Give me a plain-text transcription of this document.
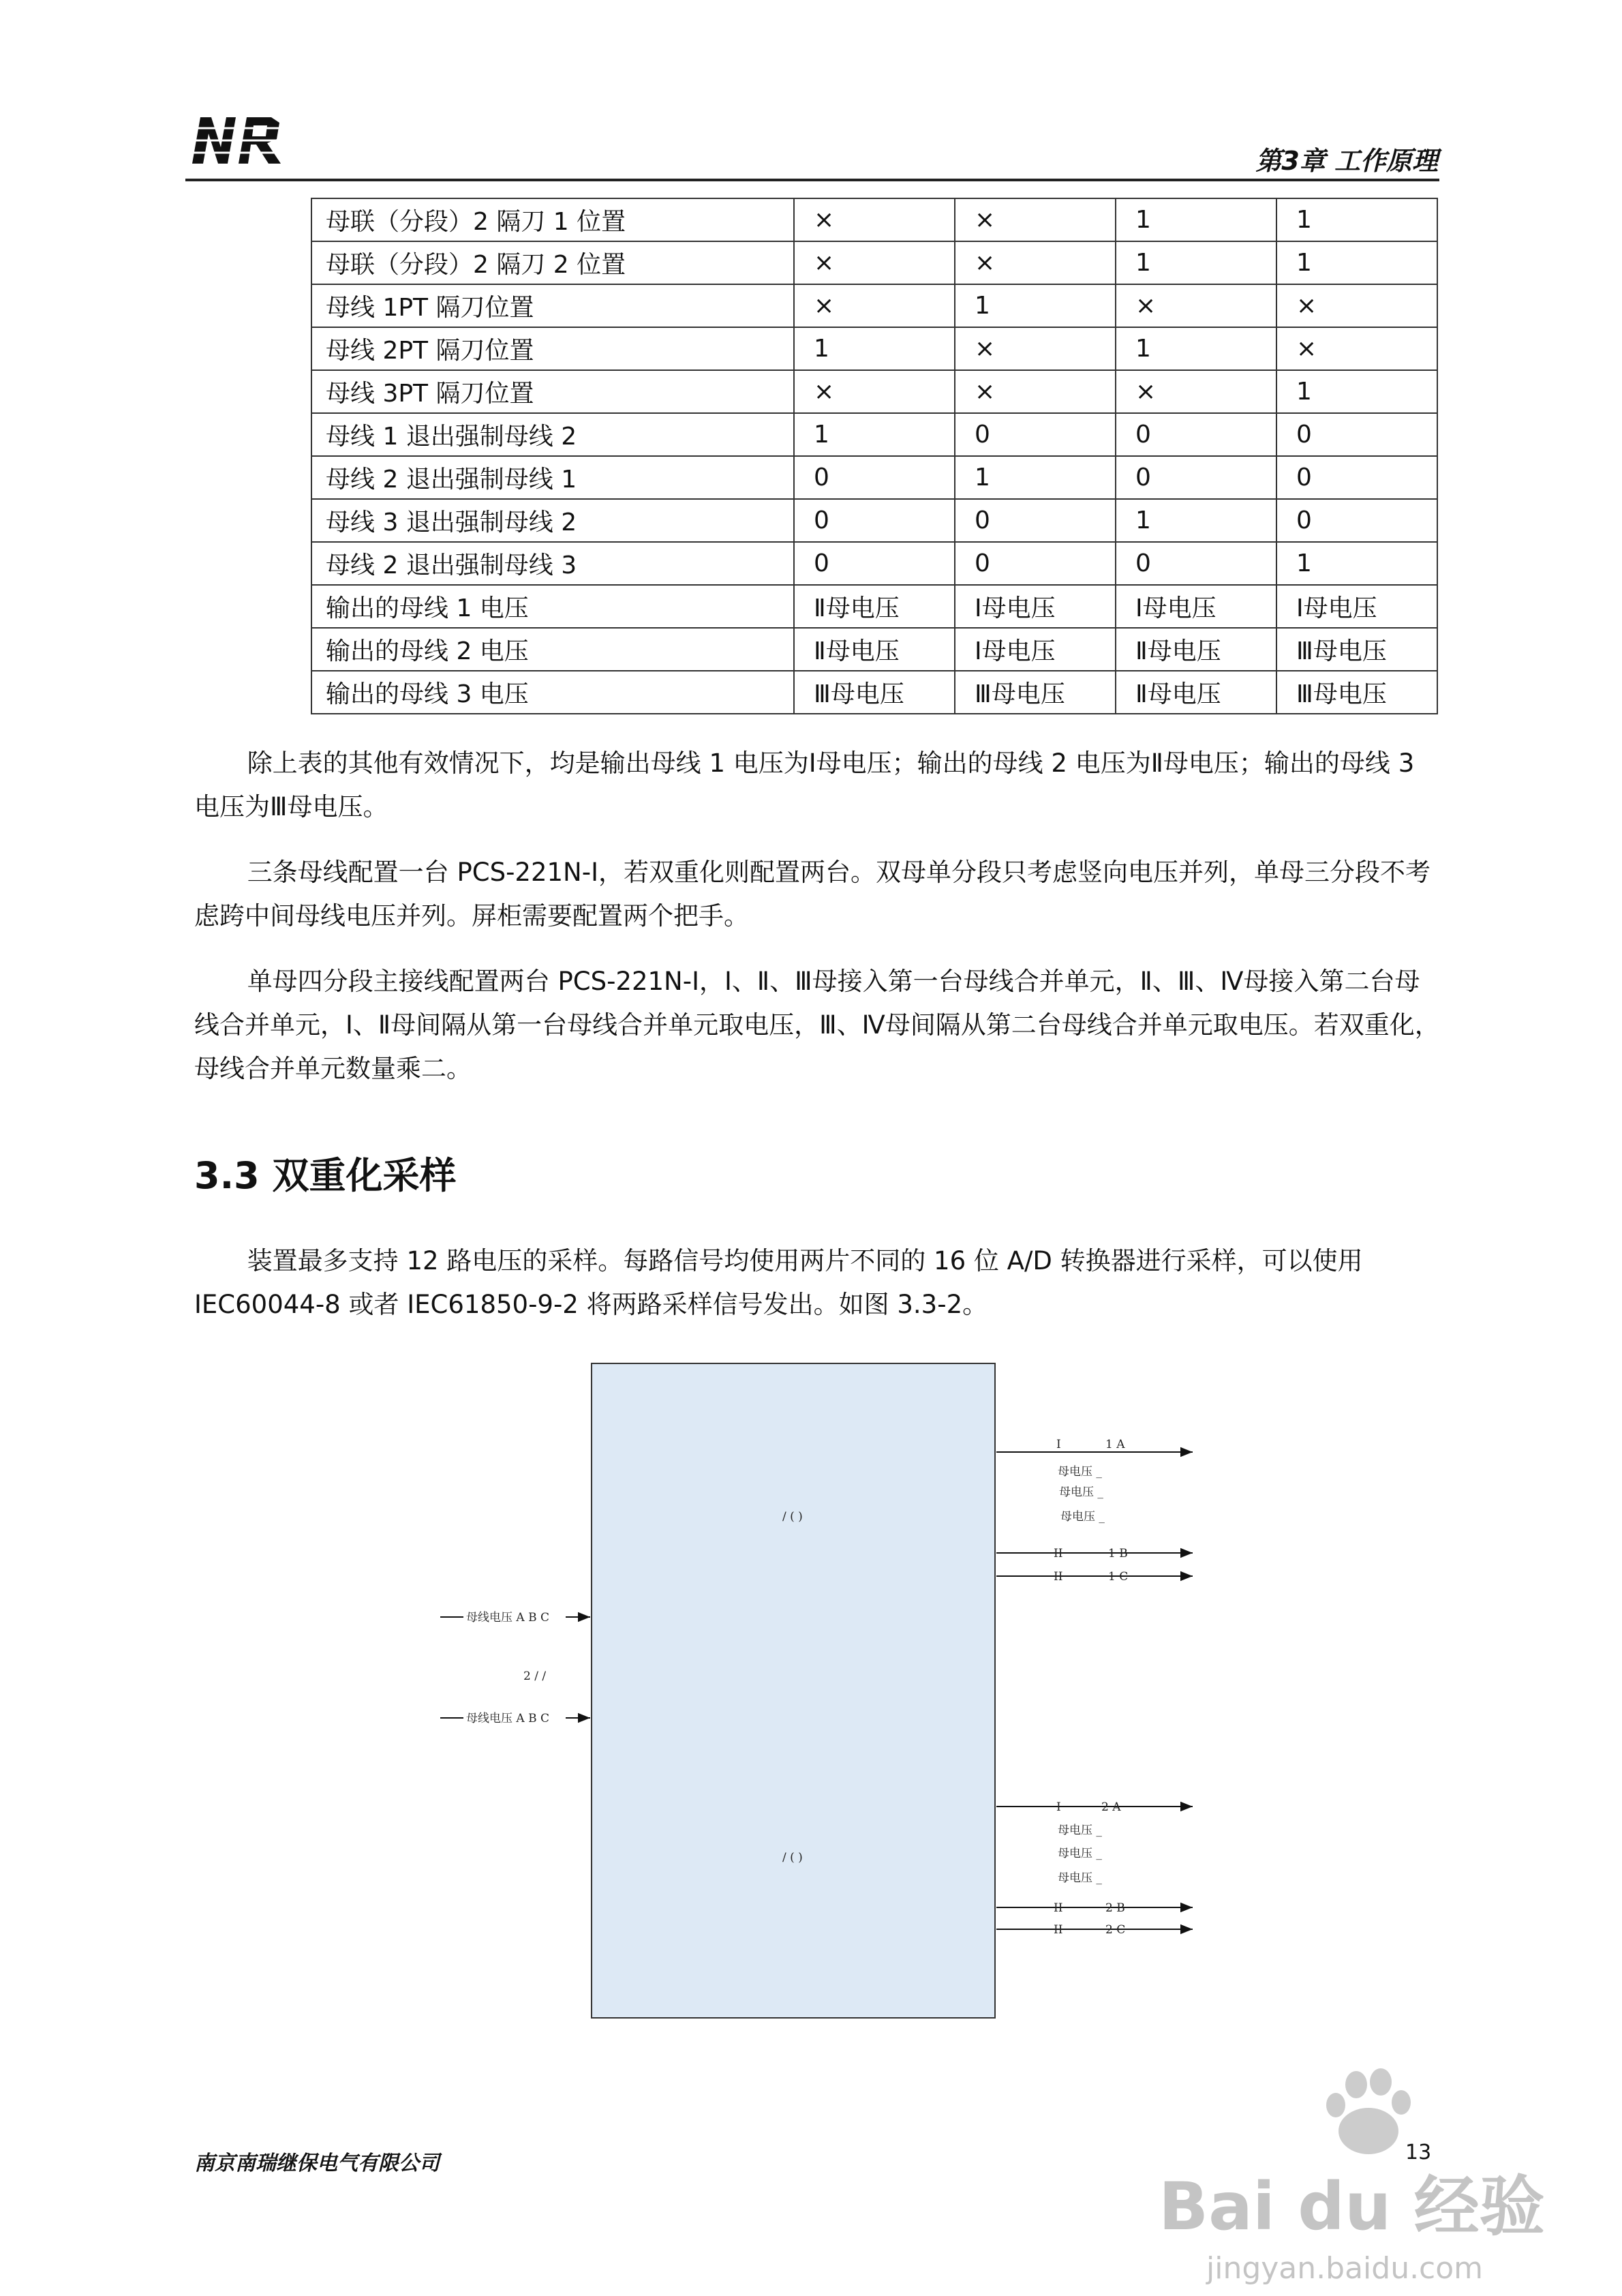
第3章 工作原理
母联（分段）2 隔刀 1 位置	×	×	1	1
母联（分段）2 隔刀 2 位置	×	×	1	1
母线 1PT 隔刀位置	×	1	×	×
母线 2PT 隔刀位置	1	×	1	×
母线 3PT 隔刀位置	×	×	×	1
母线 1 退出强制母线 2	1	0	0	0
母线 2 退出强制母线 1	0	1	0	0
母线 3 退出强制母线 2	0	0	1	0
母线 2 退出强制母线 3	0	0	0	1
输出的母线 1 电压	Ⅱ母电压	Ⅰ母电压	Ⅰ母电压	Ⅰ母电压
输出的母线 2 电压	Ⅱ母电压	Ⅰ母电压	Ⅱ母电压	Ⅲ母电压
输出的母线 3 电压	Ⅲ母电压	Ⅲ母电压	Ⅱ母电压	Ⅲ母电压

除上表的其他有效情况下，均是输出母线 1 电压为Ⅰ母电压；输出的母线 2 电压为Ⅱ母电压；输出的母线 3 电压为Ⅲ母电压。

三条母线配置一台 PCS-221N-Ⅰ，若双重化则配置两台。双母单分段只考虑竖向电压并列，单母三分段不考虑跨中间母线电压并列。屏柜需要配置两个把手。

单母四分段主接线配置两台 PCS-221N-Ⅰ，Ⅰ、Ⅱ、Ⅲ母接入第一台母线合并单元，Ⅱ、Ⅲ、Ⅳ母接入第二台母线合并单元，Ⅰ、Ⅱ母间隔从第一台母线合并单元取电压，Ⅲ、Ⅳ母间隔从第二台母线合并单元取电压。若双重化，母线合并单元数量乘二。

3.3 双重化采样

装置最多支持 12 路电压的采样。每路信号均使用两片不同的 16 位 A/D 转换器进行采样，可以使用 IEC60044-8 或者 IEC61850-9-2 将两路采样信号发出。如图 3.3-2。

/ ( )
/ ( )
2 / /
母线电压 A B C
母线电压 A B C
I	1 A
母电压 _
母电压 _
母电压 _
II	1 B
II	1 C
I	2 A
母电压 _
母电压 _
母电压 _
II	2 B
II	2 C
南京南瑞继保电气有限公司	13
Bai du 经验
jingyan.baidu.com
